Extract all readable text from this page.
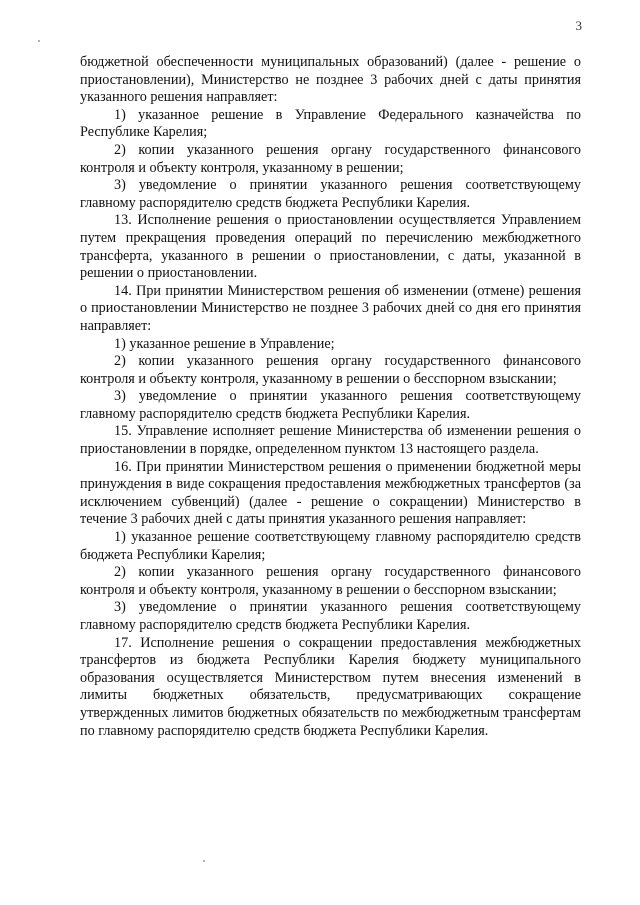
3

бюджетной обеспеченности муниципальных образований) (далее - решение о приостановлении), Министерство не позднее 3 рабочих дней с даты принятия указанного решения направляет:

1) указанное решение в Управление Федерального казначейства по Республике Карелия;

2) копии указанного решения органу государственного финансового контроля и объекту контроля, указанному в решении;

3) уведомление о принятии указанного решения соответствующему главному распорядителю средств бюджета Республики Карелия.

13. Исполнение решения о приостановлении осуществляется Управлением путем прекращения проведения операций по перечислению межбюджетного трансферта, указанного в решении о приостановлении, с даты, указанной в решении о приостановлении.

14. При принятии Министерством решения об изменении (отмене) решения о приостановлении Министерство не позднее 3 рабочих дней со дня его принятия направляет:

1) указанное решение в Управление;

2) копии указанного решения органу государственного финансового контроля и объекту контроля, указанному в решении о бесспорном взыскании;

3) уведомление о принятии указанного решения соответствующему главному распорядителю средств бюджета Республики Карелия.

15. Управление исполняет решение Министерства об изменении решения о приостановлении в порядке, определенном пунктом 13 настоящего раздела.

16. При принятии Министерством решения о применении бюджетной меры принуждения в виде сокращения предоставления межбюджетных трансфертов (за исключением субвенций) (далее - решение о сокращении) Министерство в течение 3 рабочих дней с даты принятия указанного решения направляет:

1) указанное решение соответствующему главному распорядителю средств бюджета Республики Карелия;

2) копии указанного решения органу государственного финансового контроля и объекту контроля, указанному в решении о бесспорном взыскании;

3) уведомление о принятии указанного решения соответствующему главному распорядителю средств бюджета Республики Карелия.

17. Исполнение решения о сокращении предоставления межбюджетных трансфертов из бюджета Республики Карелия бюджету муниципального образования осуществляется Министерством путем внесения изменений в лимиты бюджетных обязательств, предусматривающих сокращение утвержденных лимитов бюджетных обязательств по межбюджетным трансфертам по главному распорядителю средств бюджета Республики Карелия.
